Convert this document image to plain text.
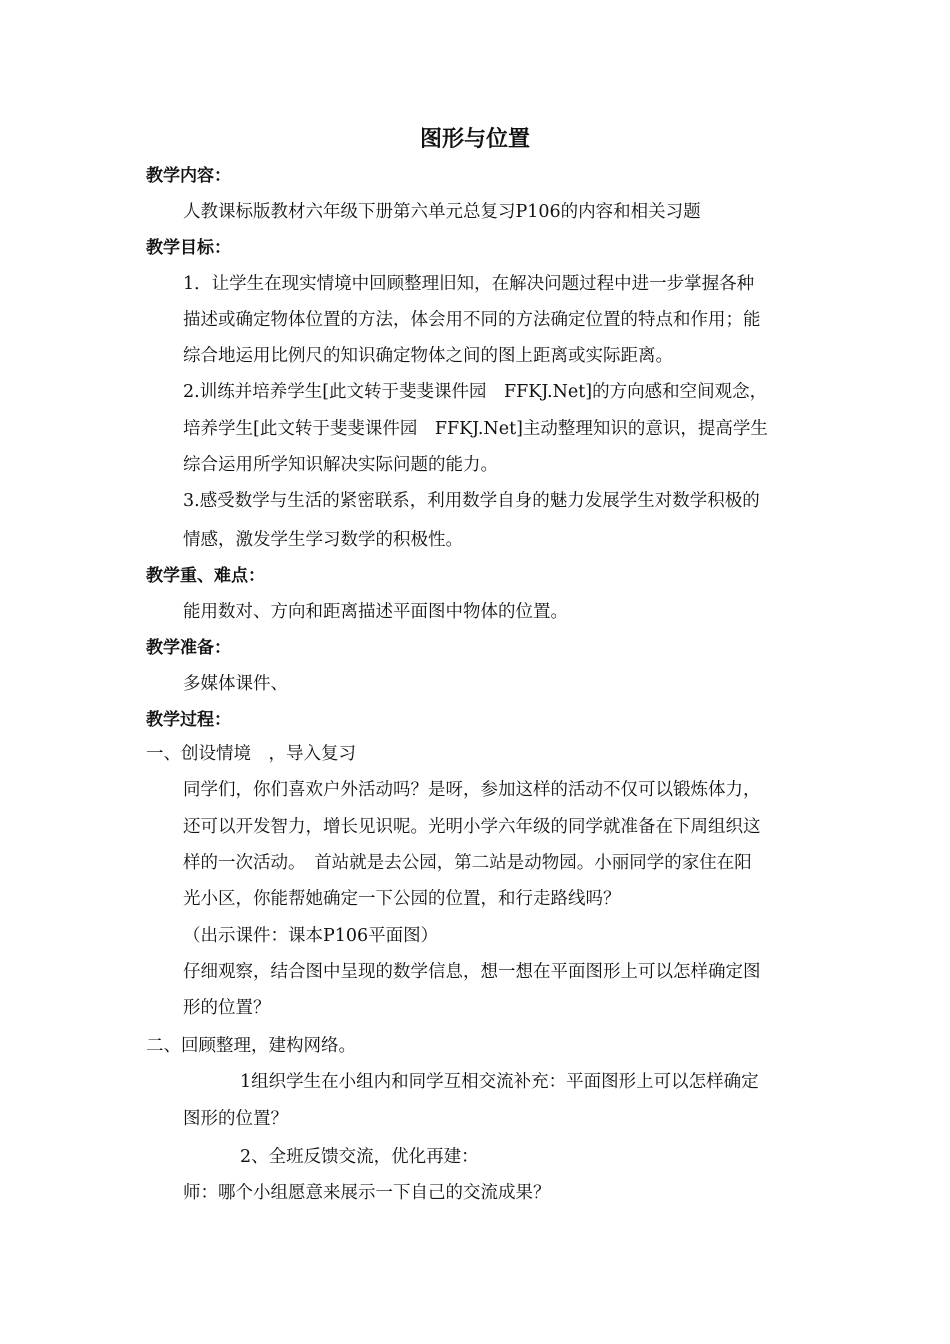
图形与位置
教学内容：
人教课标版教材六年级下册第六单元总复习P106的内容和相关习题
教学目标：
1．让学生在现实情境中回顾整理旧知，在解决问题过程中进一步掌握各种
描述或确定物体位置的方法，体会用不同的方法确定位置的特点和作用；能
综合地运用比例尺的知识确定物体之间的图上距离或实际距离。
2.训练并培养学生[此文转于斐斐课件园　FFKJ.Net]的方向感和空间观念，
培养学生[此文转于斐斐课件园　FFKJ.Net]主动整理知识的意识，提高学生
综合运用所学知识解决实际问题的能力。
3.感受数学与生活的紧密联系，利用数学自身的魅力发展学生对数学积极的
情感，激发学生学习数学的积极性。
教学重、难点：
能用数对、方向和距离描述平面图中物体的位置。
教学准备：
多媒体课件、
教学过程：
一、创设情境　，导入复习
同学们，你们喜欢户外活动吗？是呀，参加这样的活动不仅可以锻炼体力，
还可以开发智力，增长见识呢。光明小学六年级的同学就准备在下周组织这
样的一次活动。　首站就是去公园，第二站是动物园。小丽同学的家住在阳
光小区，你能帮她确定一下公园的位置，和行走路线吗？
（出示课件：课本P106平面图）
仔细观察，结合图中呈现的数学信息，想一想在平面图形上可以怎样确定图
形的位置？
二、回顾整理，建构网络。
1组织学生在小组内和同学互相交流补充：平面图形上可以怎样确定
图形的位置？
2、全班反馈交流，优化再建：
师：哪个小组愿意来展示一下自己的交流成果？
